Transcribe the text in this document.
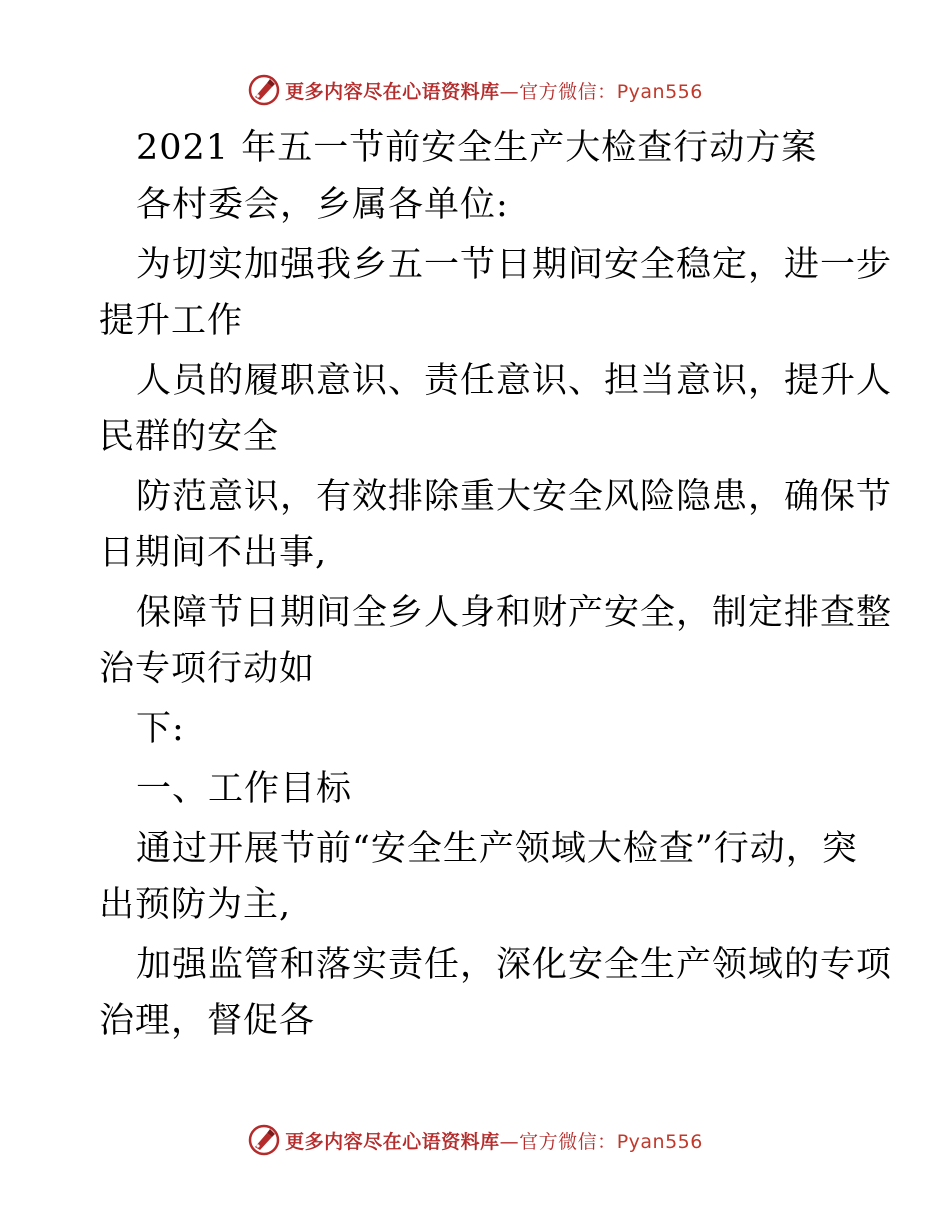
更多内容尽在心语资料库—官方微信：Pyan556
2021 年五一节前安全生产大检查行动方案
各村委会，乡属各单位:
为切实加强我乡五一节日期间安全稳定，进一步
提升工作
人员的履职意识、责任意识、担当意识，提升人
民群的安全
防范意识，有效排除重大安全风险隐患，确保节
日期间不出事,
保障节日期间全乡人身和财产安全，制定排查整
治专项行动如
下:
一、工作目标
通过开展节前“安全生产领域大检查”行动，突
出预防为主,
加强监管和落实责任，深化安全生产领域的专项
治理，督促各
更多内容尽在心语资料库—官方微信：Pyan556
